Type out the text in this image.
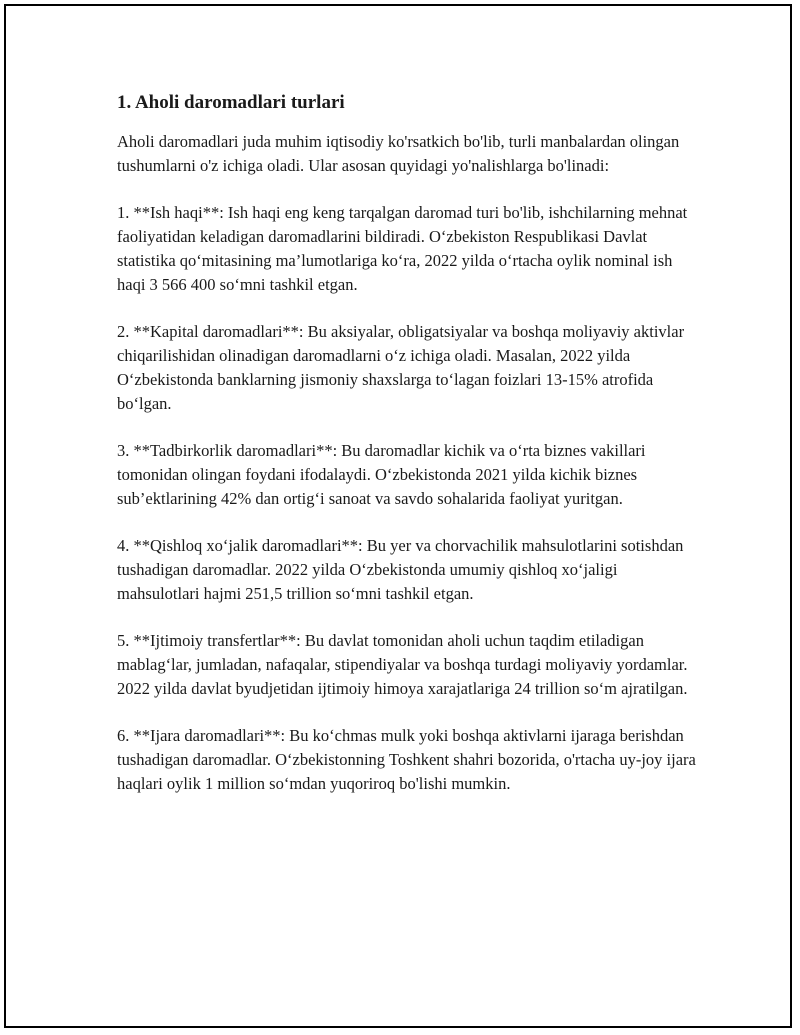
1. Aholi daromadlari turlari

Aholi daromadlari juda muhim iqtisodiy ko'rsatkich bo'lib, turli manbalardan olingan tushumlarni o'z ichiga oladi. Ular asosan quyidagi yo'nalishlarga bo'linadi:

1. **Ish haqi**: Ish haqi eng keng tarqalgan daromad turi bo'lib, ishchilarning mehnat faoliyatidan keladigan daromadlarini bildiradi. O‘zbekiston Respublikasi Davlat statistika qo‘mitasining ma’lumotlariga ko‘ra, 2022 yilda o‘rtacha oylik nominal ish haqi 3 566 400 so‘mni tashkil etgan.

2. **Kapital daromadlari**: Bu aksiyalar, obligatsiyalar va boshqa moliyaviy aktivlar chiqarilishidan olinadigan daromadlarni o‘z ichiga oladi. Masalan, 2022 yilda O‘zbekistonda banklarning jismoniy shaxslarga to‘lagan foizlari 13-15% atrofida bo‘lgan.

3. **Tadbirkorlik daromadlari**: Bu daromadlar kichik va o‘rta biznes vakillari tomonidan olingan foydani ifodalaydi. O‘zbekistonda 2021 yilda kichik biznes sub’ektlarining 42% dan ortig‘i sanoat va savdo sohalarida faoliyat yuritgan.

4. **Qishloq xo‘jalik daromadlari**: Bu yer va chorvachilik mahsulotlarini sotishdan tushadigan daromadlar. 2022 yilda O‘zbekistonda umumiy qishloq xo‘jaligi mahsulotlari hajmi 251,5 trillion so‘mni tashkil etgan.

5. **Ijtimoiy transfertlar**: Bu davlat tomonidan aholi uchun taqdim etiladigan mablag‘lar, jumladan, nafaqalar, stipendiyalar va boshqa turdagi moliyaviy yordamlar. 2022 yilda davlat byudjetidan ijtimoiy himoya xarajatlariga 24 trillion so‘m ajratilgan.

6. **Ijara daromadlari**: Bu ko‘chmas mulk yoki boshqa aktivlarni ijaraga berishdan tushadigan daromadlar. O‘zbekistonning Toshkent shahri bozorida, o'rtacha uy-joy ijara haqlari oylik 1 million so‘mdan yuqoriroq bo'lishi mumkin.
